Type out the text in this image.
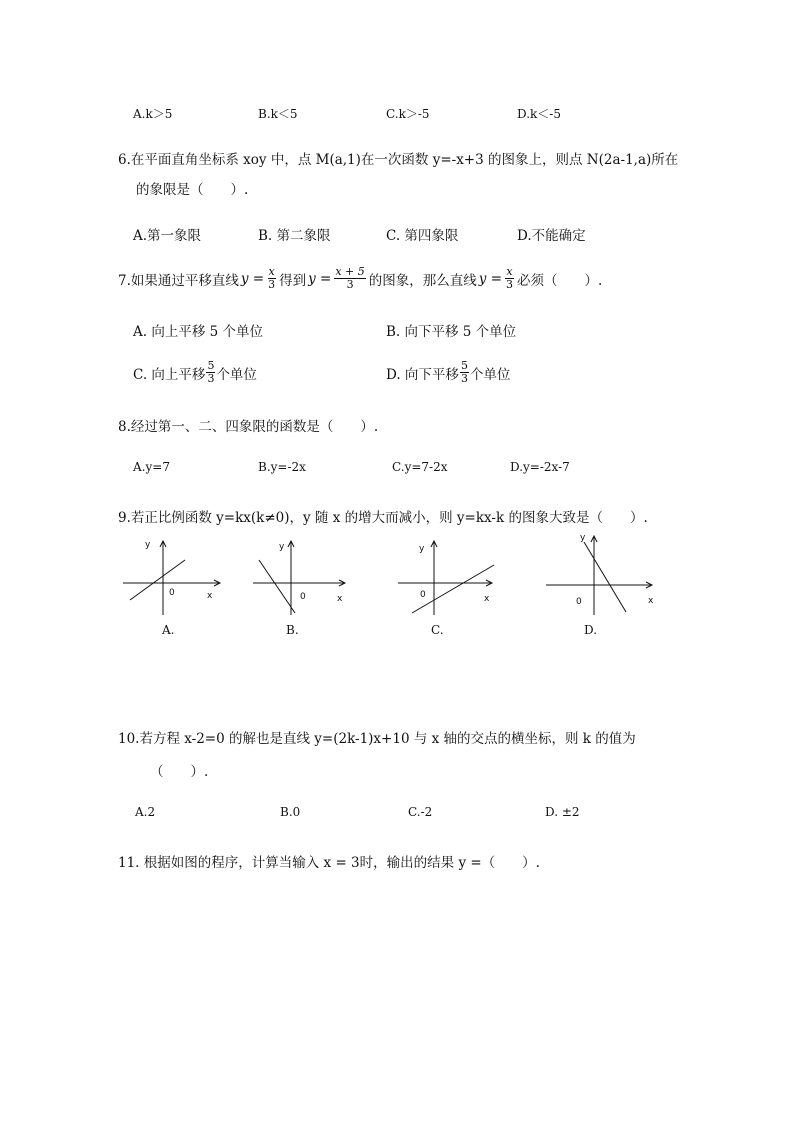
A.k＞5	B.k＜5	C.k＞-5	D.k＜-5
6.在平面直角坐标系 xoy 中，点 M(a,1)在一次函数 y=-x+3 的图象上，则点 N(2a-1,a)所在
的象限是（　　）.
A.第一象限	B. 第二象限	C. 第四象限	D.不能确定
7.如果通过平移直线 $y = \frac{x}{3}$ 得到 $y = \frac{x + 5}{3}$ 的图象，那么直线 $y = \frac{x}{3}$ 必须（　　）.
A. 向上平移 5 个单位	B. 向下平移 5 个单位
C. 向上平移 $\frac{5}{3}$ 个单位	D. 向下平移 $\frac{5}{3}$ 个单位
8.经过第一、二、四象限的函数是（　　）.
A.y=7	B.y=-2x	C.y=7-2x	D.y=-2x-7
9.若正比例函数 y=kx(k≠0)，y 随 x 的增大而减小，则 y=kx-k 的图象大致是（　　）.
y
x
0
A.
y
x
0
B.
y
x
0
C.
y
x
0
D.
10.若方程 x-2=0 的解也是直线 y=(2k-1)x+10 与 x 轴的交点的横坐标，则 k 的值为
（　　）.
A.2	B.0	C.-2	D. ±2
11. 根据如图的程序，计算当输入 x = 3时，输出的结果 y =（　　）.
